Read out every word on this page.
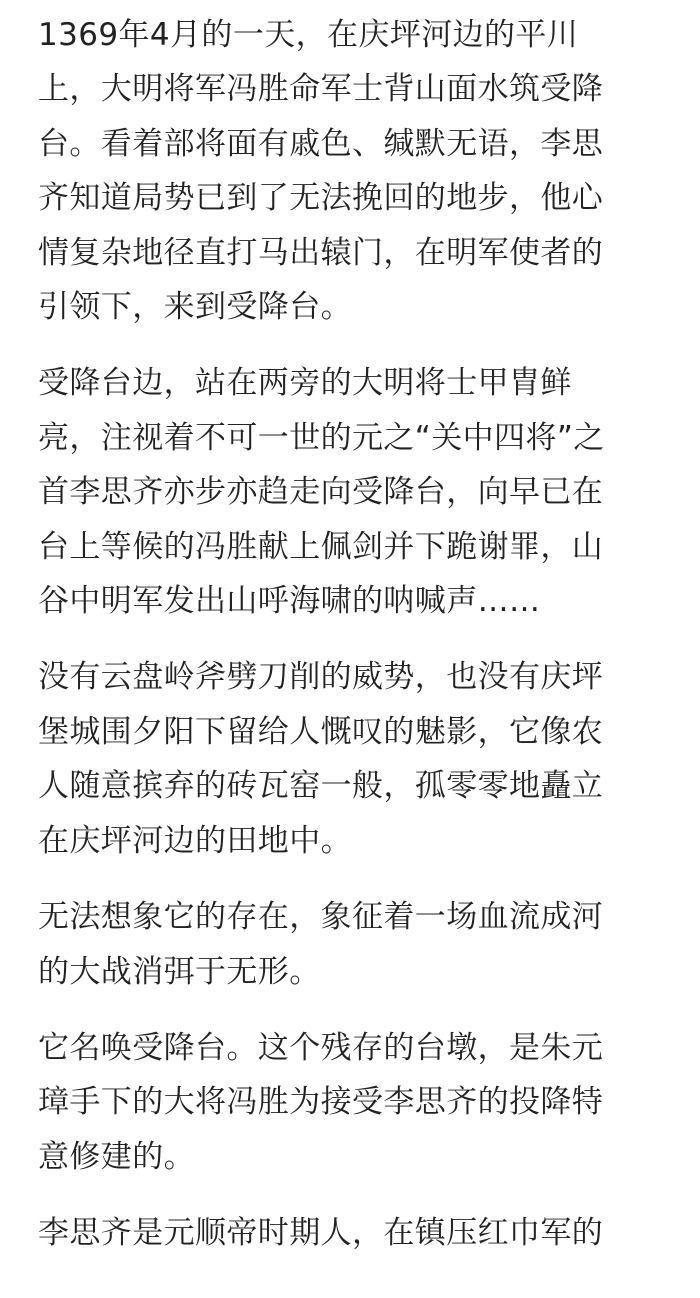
1369年4月的一天，在庆坪河边的平川
上，大明将军冯胜命军士背山面水筑受降
台。看着部将面有戚色、缄默无语，李思
齐知道局势已到了无法挽回的地步，他心
情复杂地径直打马出辕门，在明军使者的
引领下，来到受降台。

受降台边，站在两旁的大明将士甲胄鲜
亮，注视着不可一世的元之“关中四将”之
首李思齐亦步亦趋走向受降台，向早已在
台上等候的冯胜献上佩剑并下跪谢罪，山
谷中明军发出山呼海啸的呐喊声……

没有云盘岭斧劈刀削的威势，也没有庆坪
堡城围夕阳下留给人慨叹的魅影，它像农
人随意摈弃的砖瓦窑一般，孤零零地矗立
在庆坪河边的田地中。

无法想象它的存在，象征着一场血流成河
的大战消弭于无形。

它名唤受降台。这个残存的台墩，是朱元
璋手下的大将冯胜为接受李思齐的投降特
意修建的。

李思齐是元顺帝时期人，在镇压红巾军的
